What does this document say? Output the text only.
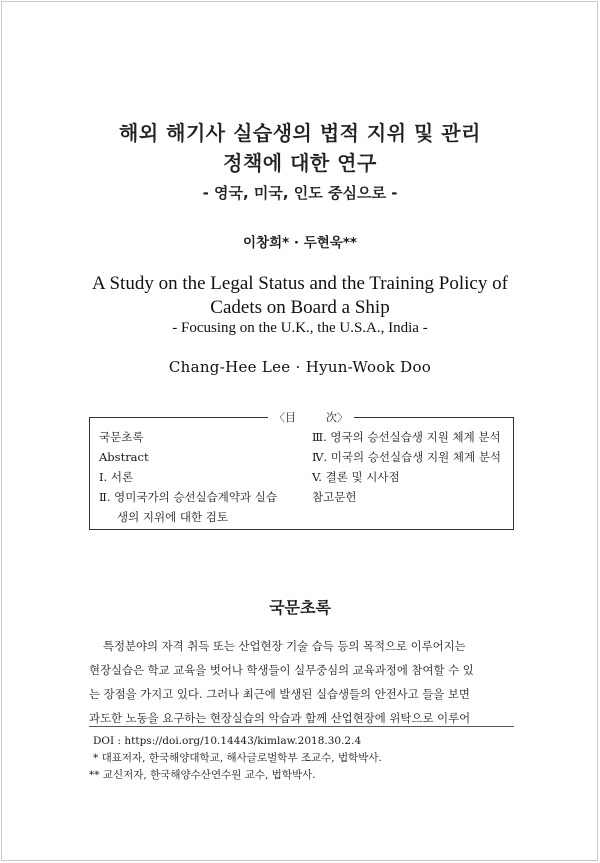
해외 해기사 실습생의 법적 지위 및 관리
정책에 대한 연구
- 영국, 미국, 인도 중심으로 -
이창희* · 두현욱**
A Study on the Legal Status and the Training Policy of
Cadets on Board a Ship
- Focusing on the U.K., the U.S.A., India -
Chang-Hee Lee · Hyun-Wook Doo
〈目	次〉
국문초록
Abstract
Ⅰ. 서론
Ⅱ. 영미국가의 승선실습계약과 실습
생의 지위에 대한 검토
Ⅲ. 영국의 승선실습생 지원 체계 분석
Ⅳ. 미국의 승선실습생 지원 체계 분석
V. 결론 및 시사점
참고문헌
국문초록
특정분야의 자격 취득 또는 산업현장 기술 습득 등의 목적으로 이루어지는
현장실습은 학교 교육을 벗어나 학생들이 실무중심의 교육과정에 참여할 수 있
는 장점을 가지고 있다. 그러나 최근에 발생된 실습생들의 안전사고 들을 보면
과도한 노동을 요구하는 현장실습의 악습과 함께 산업현장에 위탁으로 이루어
DOI : https://doi.org/10.14443/kimlaw.2018.30.2.4
* 대표저자, 한국해양대학교, 해사글로벌학부 조교수, 법학박사.
** 교신저자, 한국해양수산연수원 교수, 법학박사.
